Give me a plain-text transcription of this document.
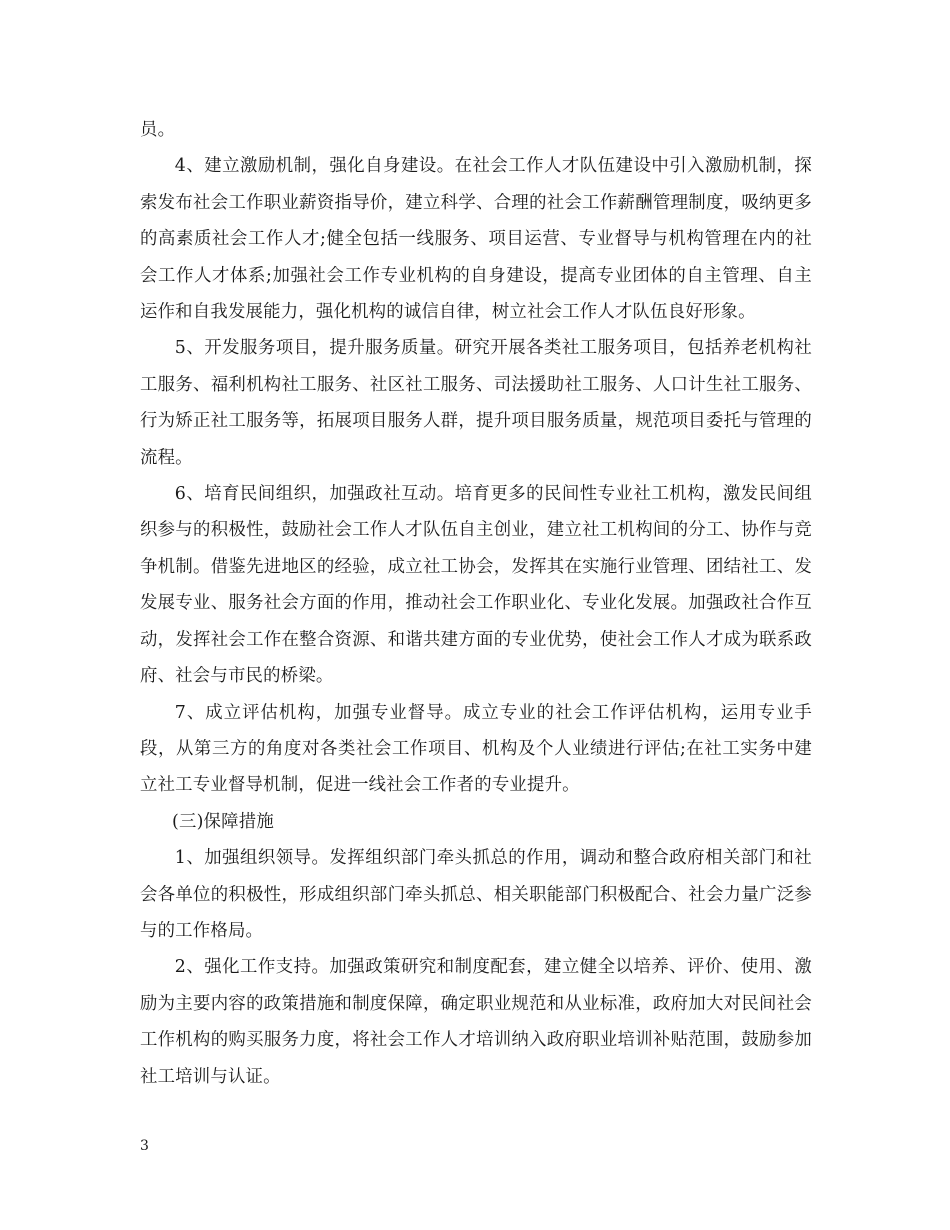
员。

4、建立激励机制，强化自身建设。在社会工作人才队伍建设中引入激励机制，探索发布社会工作职业薪资指导价，建立科学、合理的社会工作薪酬管理制度，吸纳更多的高素质社会工作人才;健全包括一线服务、项目运营、专业督导与机构管理在内的社会工作人才体系;加强社会工作专业机构的自身建设，提高专业团体的自主管理、自主运作和自我发展能力，强化机构的诚信自律，树立社会工作人才队伍良好形象。

5、开发服务项目，提升服务质量。研究开展各类社工服务项目，包括养老机构社工服务、福利机构社工服务、社区社工服务、司法援助社工服务、人口计生社工服务、行为矫正社工服务等，拓展项目服务人群，提升项目服务质量，规范项目委托与管理的流程。

6、培育民间组织，加强政社互动。培育更多的民间性专业社工机构，激发民间组织参与的积极性，鼓励社会工作人才队伍自主创业，建立社工机构间的分工、协作与竞争机制。借鉴先进地区的经验，成立社工协会，发挥其在实施行业管理、团结社工、发发展专业、服务社会方面的作用，推动社会工作职业化、专业化发展。加强政社合作互动，发挥社会工作在整合资源、和谐共建方面的专业优势，使社会工作人才成为联系政府、社会与市民的桥梁。

7、成立评估机构，加强专业督导。成立专业的社会工作评估机构，运用专业手段，从第三方的角度对各类社会工作项目、机构及个人业绩进行评估;在社工实务中建立社工专业督导机制，促进一线社会工作者的专业提升。

(三)保障措施

1、加强组织领导。发挥组织部门牵头抓总的作用，调动和整合政府相关部门和社会各单位的积极性，形成组织部门牵头抓总、相关职能部门积极配合、社会力量广泛参与的工作格局。

2、强化工作支持。加强政策研究和制度配套，建立健全以培养、评价、使用、激励为主要内容的政策措施和制度保障，确定职业规范和从业标准，政府加大对民间社会工作机构的购买服务力度，将社会工作人才培训纳入政府职业培训补贴范围，鼓励参加社工培训与认证。

3
